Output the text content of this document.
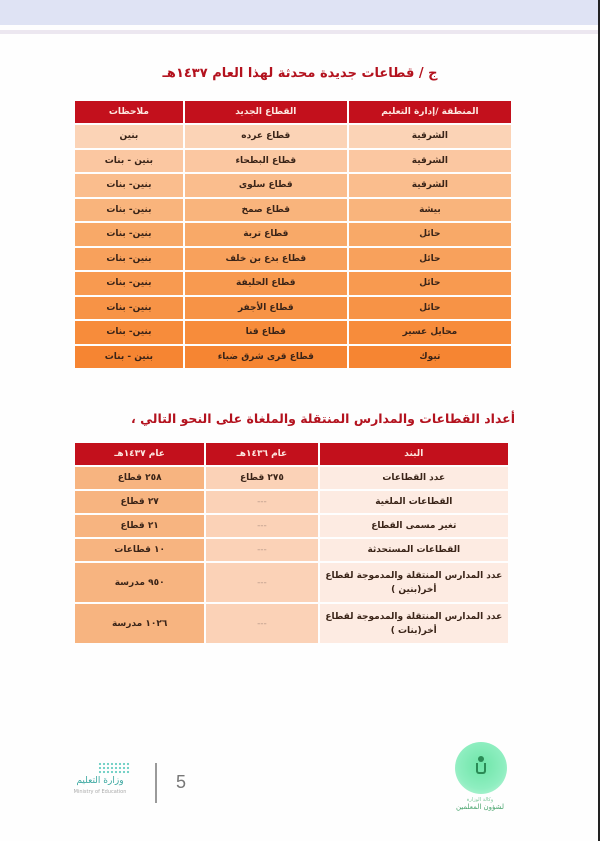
ج / قطاعات جديدة محدثة لهذا العام ١٤٣٧هـ
المنطقة /إدارة التعليم	القطاع الجديد	ملاحظات
الشرقية	قطاع عرده	بنين
الشرقية	قطاع البطحاء	بنين - بنات
الشرقية	قطاع سلوى	بنين- بنات
بيشة	قطاع صمخ	بنين- بنات
حائل	قطاع تربة	بنين- بنات
حائل	قطاع بدع بن خلف	بنين- بنات
حائل	قطاع الحليفة	بنين- بنات
حائل	قطاع الأجفر	بنين- بنات
محايل عسير	قطاع قنا	بنين- بنات
تبوك	قطاع قرى شرق ضباء	بنين - بنات
أعداد القطاعات والمدارس المنتقلة والملغاة على النحو التالي ،
البند	عام ١٤٣٦هـ	عام ١٤٣٧هـ
عدد القطاعات	٢٧٥ قطاع	٢٥٨ قطاع
القطاعات الملغية	---	٢٧ قطاع
تغير مسمى القطاع	---	٢١ قطاع
القطاعات المستحدثة	---	١٠ قطاعات

عدد المدارس المنتقلة والمدموجة لقطاع
أخر(بنين )	---	٩٥٠ مدرسة

عدد المدارس المنتقلة والمدموجة لقطاع
أخر(بنات )	---	١٠٢٦ مدرسة
وزارة التعليم
Ministry of Education	5
وكالة الوزارة
لشؤون المعلمين
